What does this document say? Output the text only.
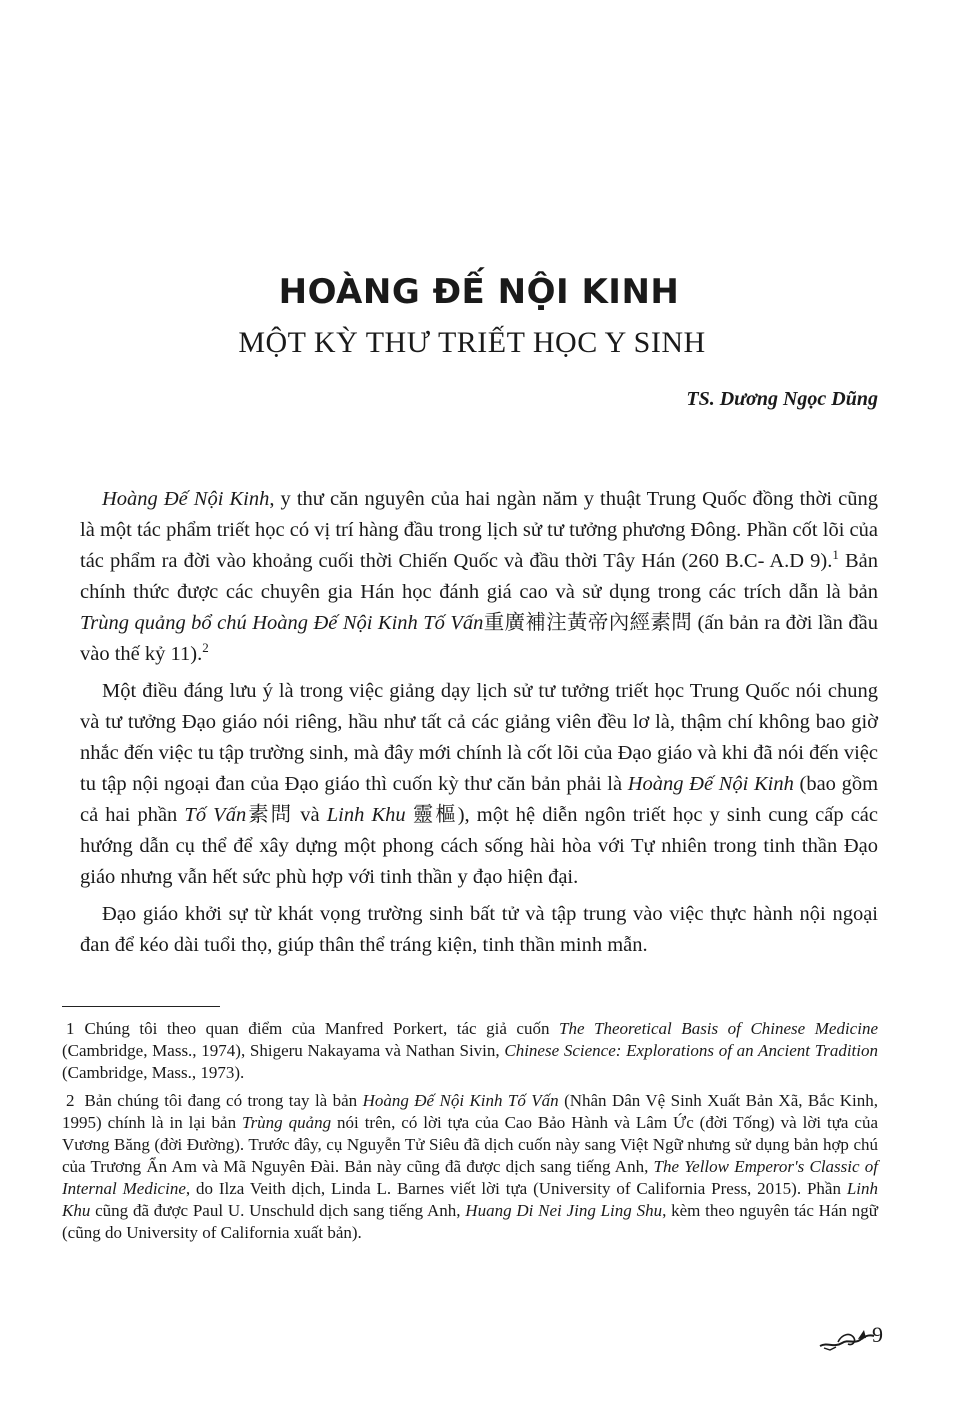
HOÀNG ĐẾ NỘI KINH
MỘT KỲ THƯ TRIẾT HỌC Y SINH
TS. Dương Ngọc Dũng

Hoàng Đế Nội Kinh, y thư căn nguyên của hai ngàn năm y thuật Trung Quốc đồng thời cũng là một tác phẩm triết học có vị trí hàng đầu trong lịch sử tư tưởng phương Đông. Phần cốt lõi của tác phẩm ra đời vào khoảng cuối thời Chiến Quốc và đầu thời Tây Hán (260 B.C- A.D 9).$^1$ Bản chính thức được các chuyên gia Hán học đánh giá cao và sử dụng trong các trích dẫn là bản Trùng quảng bổ chú Hoàng Đế Nội Kinh Tố Vấn重廣補注黃帝內經素問 (ấn bản ra đời lần đầu vào thế kỷ 11).$^2$

Một điều đáng lưu ý là trong việc giảng dạy lịch sử tư tưởng triết học Trung Quốc nói chung và tư tưởng Đạo giáo nói riêng, hầu như tất cả các giảng viên đều lơ là, thậm chí không bao giờ nhắc đến việc tu tập trường sinh, mà đây mới chính là cốt lõi của Đạo giáo và khi đã nói đến việc tu tập nội ngoại đan của Đạo giáo thì cuốn kỳ thư căn bản phải là Hoàng Đế Nội Kinh (bao gồm cả hai phần Tố Vấn素問 và Linh Khu 靈樞), một hệ diễn ngôn triết học y sinh cung cấp các hướng dẫn cụ thể để xây dựng một phong cách sống hài hòa với Tự nhiên trong tinh thần Đạo giáo nhưng vẫn hết sức phù hợp với tinh thần y đạo hiện đại.

Đạo giáo khởi sự từ khát vọng trường sinh bất tử và tập trung vào việc thực hành nội ngoại đan để kéo dài tuổi thọ, giúp thân thể tráng kiện, tinh thần minh mẫn.

1 Chúng tôi theo quan điểm của Manfred Porkert, tác giả cuốn The Theoretical Basis of Chinese Medicine (Cambridge, Mass., 1974), Shigeru Nakayama và Nathan Sivin, Chinese Science: Explorations of an Ancient Tradition (Cambridge, Mass., 1973).

2 Bản chúng tôi đang có trong tay là bản Hoàng Đế Nội Kinh Tố Vấn (Nhân Dân Vệ Sinh Xuất Bản Xã, Bắc Kinh, 1995) chính là in lại bản Trùng quảng nói trên, có lời tựa của Cao Bảo Hành và Lâm Ức (đời Tống) và lời tựa của Vương Băng (đời Đường). Trước đây, cụ Nguyễn Tử Siêu đã dịch cuốn này sang Việt Ngữ nhưng sử dụng bản hợp chú của Trương Ẩn Am và Mã Nguyên Đài. Bản này cũng đã được dịch sang tiếng Anh, The Yellow Emperor's Classic of Internal Medicine, do Ilza Veith dịch, Linda L. Barnes viết lời tựa (University of California Press, 2015). Phần Linh Khu cũng đã được Paul U. Unschuld dịch sang tiếng Anh, Huang Di Nei Jing Ling Shu, kèm theo nguyên tác Hán ngữ (cũng do University of California xuất bản).

9
